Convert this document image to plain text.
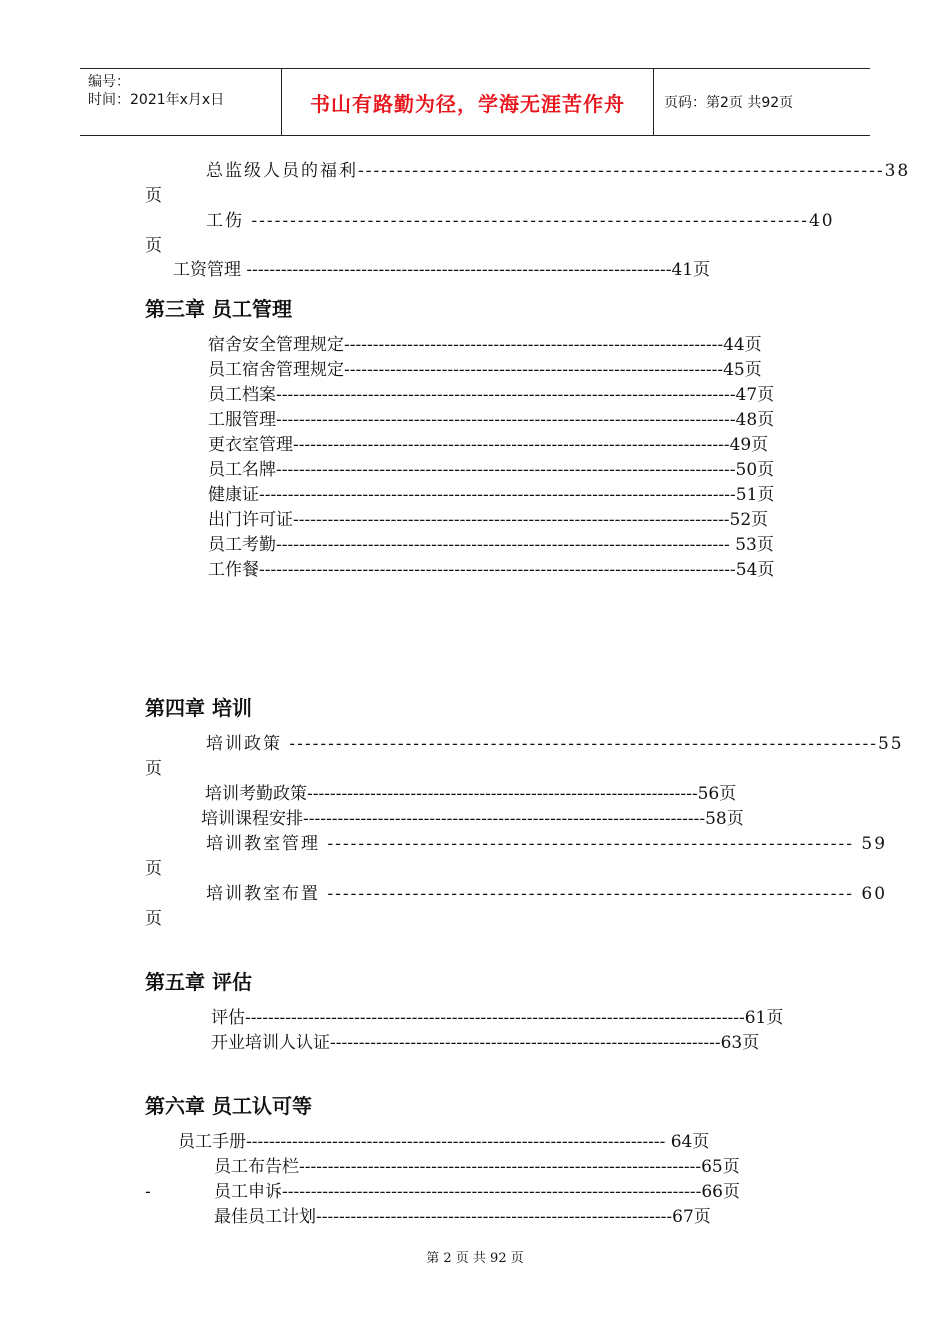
编号：
时间：2021年x月x日	书山有路勤为径，学海无涯苦作舟	页码：第2页 共92页
总监级人员的福利--------------------------------------------------------------------38
页
工伤 ------------------------------------------------------------------------40
页
工资管理 --------------------------------------------------------------------------41页
第三章 员工管理
宿舍安全管理规定------------------------------------------------------------------44页
员工宿舍管理规定------------------------------------------------------------------45页
员工档案--------------------------------------------------------------------------------47页
工服管理--------------------------------------------------------------------------------48页
更衣室管理----------------------------------------------------------------------------49页
员工名牌--------------------------------------------------------------------------------50页
健康证-----------------------------------------------------------------------------------51页
出门许可证----------------------------------------------------------------------------52页
员工考勤------------------------------------------------------------------------------- 53页
工作餐-----------------------------------------------------------------------------------54页
第四章 培训
培训政策 ----------------------------------------------------------------------------55
页
培训考勤政策--------------------------------------------------------------------56页
培训课程安排----------------------------------------------------------------------58页
培训教室管理 -------------------------------------------------------------------- 59
页
培训教室布置 -------------------------------------------------------------------- 60
页
第五章 评估
评估---------------------------------------------------------------------------------------61页
开业培训人认证--------------------------------------------------------------------63页
第六章 员工认可等
员工手册------------------------------------------------------------------------- 64页
员工布告栏----------------------------------------------------------------------65页
-	员工申诉-------------------------------------------------------------------------66页
最佳员工计划--------------------------------------------------------------67页
第 2 页 共 92 页
